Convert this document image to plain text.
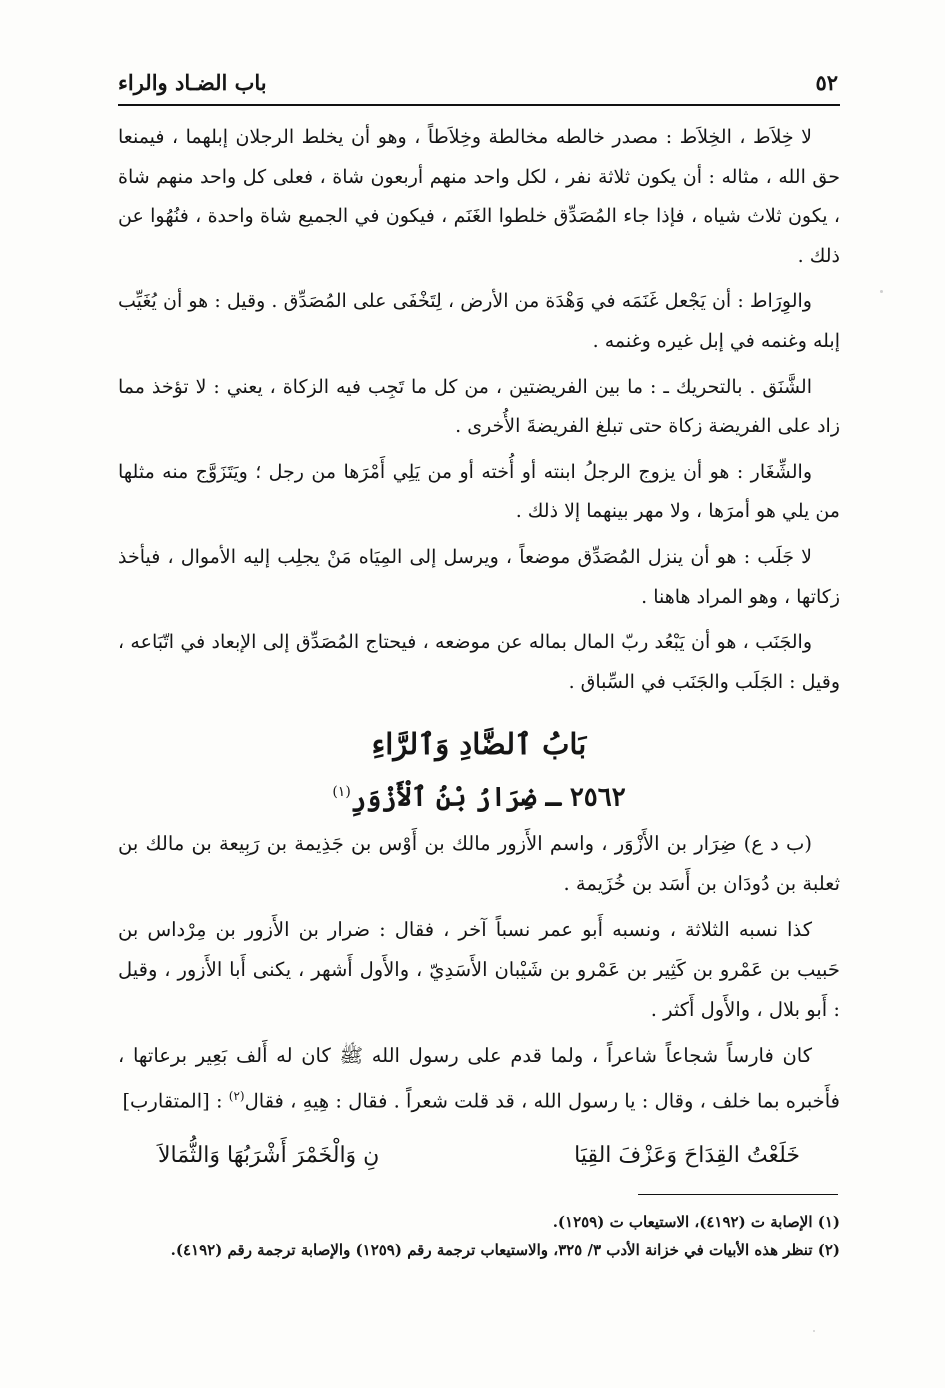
٥٢
باب الضـاد والراء

لا خِلاَط ، الخِلاَط : مصدر خالطه مخالطة وخِلاَطاً ، وهو أن يخلط الرجلان إبلهما ، فيمنعا حق الله ، مثاله : أن يكون ثلاثة نفر ، لكل واحد منهم أربعون شاة ، فعلى كل واحد منهم شاة ، يكون ثلاث شياه ، فإذا جاء المُصَدِّق خلطوا الغَنَم ، فيكون في الجميع شاة واحدة ، فنُهُوا عن ذلك .

والوِرَاط : أن يَجْعل غَنَمَه في وَهْدَة من الأرض ، لِتَخْفَى على المُصَدِّق . وقيل : هو أن يُغَيِّب إبله وغنمه في إبل غيره وغنمه .

الشَّنَق . بالتحريك ـ : ما بين الفريضتين ، من كل ما تَجِب فيه الزكاة ، يعني : لا تؤخذ مما زاد على الفريضة زكاة حتى تبلغ الفريضةَ الأُخرى .

والشِّغَار : هو أن يزوج الرجلُ ابنته أو أُخته أو من يَلِي أَمْرَها من رجل ؛ ويَتَزَوَّج منه مثلها من يلي هو أمرَها ، ولا مهر بينهما إلا ذلك .

لا جَلَب : هو أن ينزل المُصَدِّق موضعاً ، ويرسل إلى المِيَاه مَنْ يجلِب إليه الأموال ، فيأخذ زكاتها ، وهو المراد هاهنا .

والجَنَب ، هو أن يَبْعُد ربّ المال بماله عن موضعه ، فيحتاج المُصَدِّق إلى الإبعاد في اتّبَاعه ، وقيل : الجَلَب والجَنَب في السِّباق .

بَابُ ٱلضَّادِ وَٱلرَّاءِ
٢٥٦٢ ـ ضِرَارُ بْنُ ٱلْأَزْوَرِ$^{(١)}$

(ب د ع) ضِرَار بن الأَزْوَر ، واسم الأَزور مالك بن أَوْس بن جَذِيمة بن رَبِيعة بن مالك بن ثعلبة بن دُودَان بن أَسَد بن خُزَيمة .

كذا نسبه الثلاثة ، ونسبه أَبو عمر نسباً آخر ، فقال : ضرار بن الأَزور بن مِرْداس بن حَبيب بن عَمْرو بن كَثِير بن عَمْرو بن شَيْبان الأَسَدِيّ ، والأَول أَشهر ، يكنى أَبا الأَزور ، وقيل : أَبو بلال ، والأَول أَكثر .

كان فارساً شجاعاً شاعراً ، ولما قدم على رسول الله ﷺ كان له أَلف بَعِير برعاتها ، فأَخبره بما خلف ، وقال : يا رسول الله ، قد قلت شعراً . فقال : هِيهِ ، فقال$^{(٢)}$ : [المتقارب]

خَلَعْتُ القِدَاحَ وَعَزْفَ القِيَا
نِ وَالْخَمْرَ أَشْرَبُهَا وَالثُّمَالاَ
(١) الإصابة ت (٤١٩٢)، الاستيعاب ت (١٢٥٩).
(٢) تنظر هذه الأبيات في خزانة الأدب ٣/ ٣٢٥، والاستيعاب ترجمة رقم (١٢٥٩) والإصابة ترجمة رقم (٤١٩٢).
